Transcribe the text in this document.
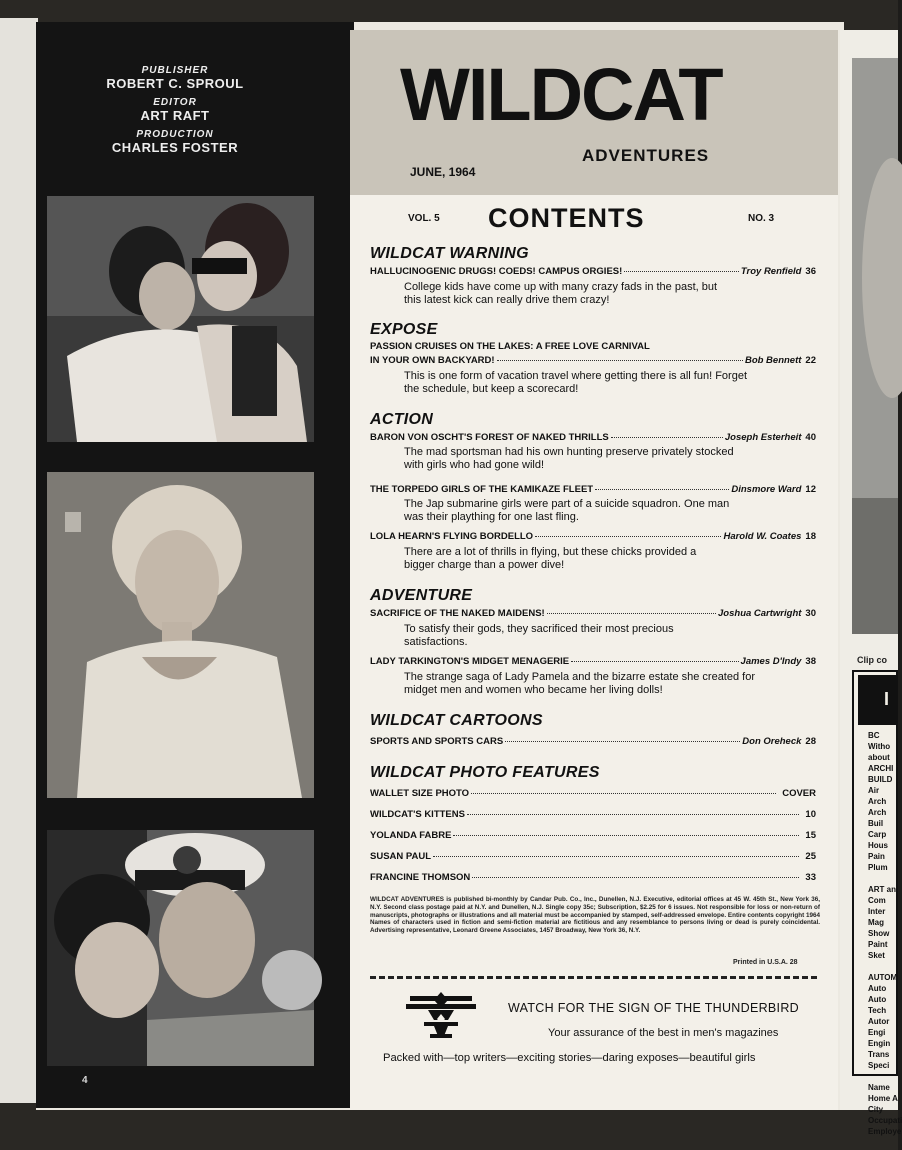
PUBLISHER
ROBERT C. SPROUL
EDITOR
ART RAFT
PRODUCTION
CHARLES FOSTER
4
WILDCAT
ADVENTURES
JUNE, 1964
VOL. 5 CONTENTS	NO. 3
WILDCAT WARNING
HALLUCINOGENIC DRUGS! COEDS! CAMPUS ORGIES!	Troy Renfield 36
College kids have come up with many crazy fads in the past, but this latest kick can really drive them crazy!
EXPOSE
PASSION CRUISES ON THE LAKES: A FREE LOVE CARNIVAL
IN YOUR OWN BACKYARD!	Bob Bennett 22
This is one form of vacation travel where getting there is all fun! Forget the schedule, but keep a scorecard!
ACTION
BARON VON OSCHT'S FOREST OF NAKED THRILLS	Joseph Esterheit 40
The mad sportsman had his own hunting preserve privately stocked with girls who had gone wild!
THE TORPEDO GIRLS OF THE KAMIKAZE FLEET	Dinsmore Ward 12
The Jap submarine girls were part of a suicide squadron. One man was their plaything for one last fling.
LOLA HEARN'S FLYING BORDELLO	Harold W. Coates 18
There are a lot of thrills in flying, but these chicks provided a bigger charge than a power dive!
ADVENTURE
SACRIFICE OF THE NAKED MAIDENS!	Joshua Cartwright 30
To satisfy their gods, they sacrificed their most precious satisfactions.
LADY TARKINGTON'S MIDGET MENAGERIE	James D'Indy 38
The strange saga of Lady Pamela and the bizarre estate she created for midget men and women who became her living dolls!
WILDCAT CARTOONS
SPORTS AND SPORTS CARS	Don Oreheck 28
WILDCAT PHOTO FEATURES
WALLET SIZE PHOTO	COVER
WILDCAT'S KITTENS	10
YOLANDA FABRE	15
SUSAN PAUL	25
FRANCINE THOMSON	33
WILDCAT ADVENTURES is published bi-monthly by Candar Pub. Co., Inc., Dunellen, N.J. Executive, editorial offices at 45 W. 45th St., New York 36, N.Y. Second class postage paid at N.Y. and Dunellen, N.J. Single copy 35c; Subscription, $2.25 for 6 issues. Not responsible for loss or non-return of manuscripts, photographs or illustrations and all material must be accompanied by stamped, self-addressed envelope. Entire contents copyright 1964 Names of characters used in fiction and semi-fiction material are fictitious and any resemblance to persons living or dead is purely coincidental. Advertising representative, Leonard Greene Associates, 1457 Broadway, New York 36, N.Y.
Printed in U.S.A. 28
WATCH FOR THE SIGN OF THE THUNDERBIRD
Your assurance of the best in men's magazines
Packed with—top writers—exciting stories—daring exposes—beautiful girls
Clip co
I
BC
Witho
about
ARCHI
BUILD
Air
Arch
Arch
Buil
Carp
Hous
Pain
Plum

ART an
Com
Inter
Mag
Show
Paint
Sket

AUTOM
Auto
Auto
Tech
Autor
Engi
Engin
Trans
Speci

Name
Home A
City
Occupati
Employe
